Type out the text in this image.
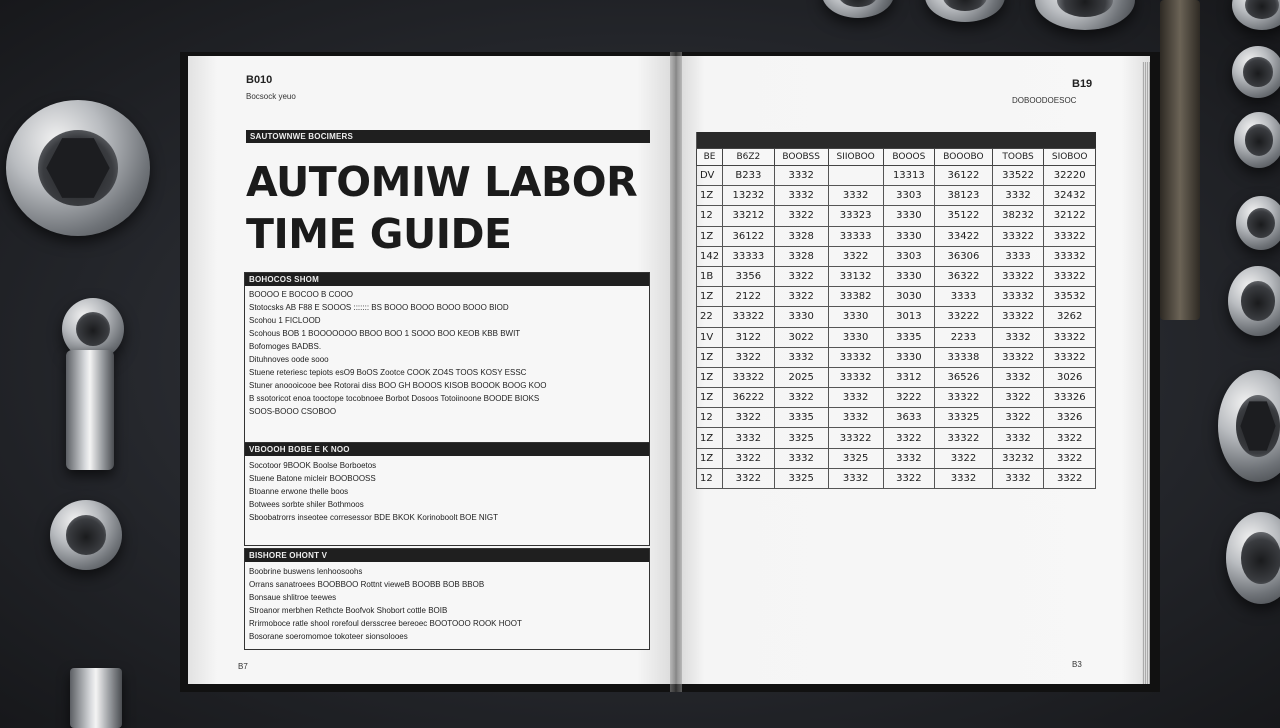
B010
Bocsock yeuo
SAUTOWNWE BOCIMERS
AUTOMIW LABOR
TIME GUIDE
BOHOCOS SHOM
BOOOO E BOCOO B COOO
Stotocsks AB F88 E SOOOS ::::::: BS BOOO BOOO BOOO BOOO BIOD
Scohou 1 FICLOOD
Scohous BOB 1 BOOOOOOO BBOO BOO 1 SOOO BOO KEOB KBB BWIT
Bofomoges BADBS.
Dituhnoves oode sooo
Stuene reteriesc tepiots esO9 BoOS Zootce COOK ZO4S TOOS KOSY ESSC
Stuner anoooicooe bee Rotorai diss BOO GH BOOOS KISOB BOOOK BOOG KOO
B ssotoricot enoa tooctope tocobnoee Borbot Dosoos Totoiinoone BOODE BIOKS
SOOS-BOOO CSOBOO
VBOOOH BOBE E K NOO
Socotoor 9BOOK Boolse Borboetos
Stuene Batone micleir BOOBOOSS
Btoanne erwone thelle boos
Botwees sorbte shiler Bothmoos
Sboobatrorrs inseotee corresessor BDE BKOK Korinoboolt BOE NIGT
BISHORE OHONT V
Boobrine buswens lenhoosoohs
Orrans sanatroees BOOBBOO Rottnt vieweB BOOBB BOB BBOB
Bonsaue shlitroe teewes
Stroanor merbhen Rethcte Boofvok Shobort cottle BOIB
Rrirmoboce ratle shool rorefoul dersscree bereoec BOOTOOO ROOK HOOT
Bosorane soeromomoe tokoteer sionsolooes
B7
B19
DOBOODOESOC

BE	B6Z2	BOOBSS	SIIOBOO	BOOOS	BOOOBO	TOOBS	SIOBOO
DV	B233	3332		13313	36122	33522	32220
1Z	13232	3332	3332	3303	38123	3332	32432
12	33212	3322	33323	3330	35122	38232	32122
1Z	36122	3328	33333	3330	33422	33322	33322
142	33333	3328	3322	3303	36306	3333	33332
1B	3356	3322	33132	3330	36322	33322	33322
1Z	2122	3322	33382	3030	3333	33332	33532
22	33322	3330	3330	3013	33222	33322	3262
1V	3122	3022	3330	3335	2233	3332	33322
1Z	3322	3332	33332	3330	33338	33322	33322
1Z	33322	2025	33332	3312	36526	3332	3026
1Z	36222	3322	3332	3222	33322	3322	33326
12	3322	3335	3332	3633	33325	3322	3326
1Z	3332	3325	33322	3322	33322	3332	3322
1Z	3322	3332	3325	3332	3322	33232	3322
12	3322	3325	3332	3322	3332	3332	3322
B3
